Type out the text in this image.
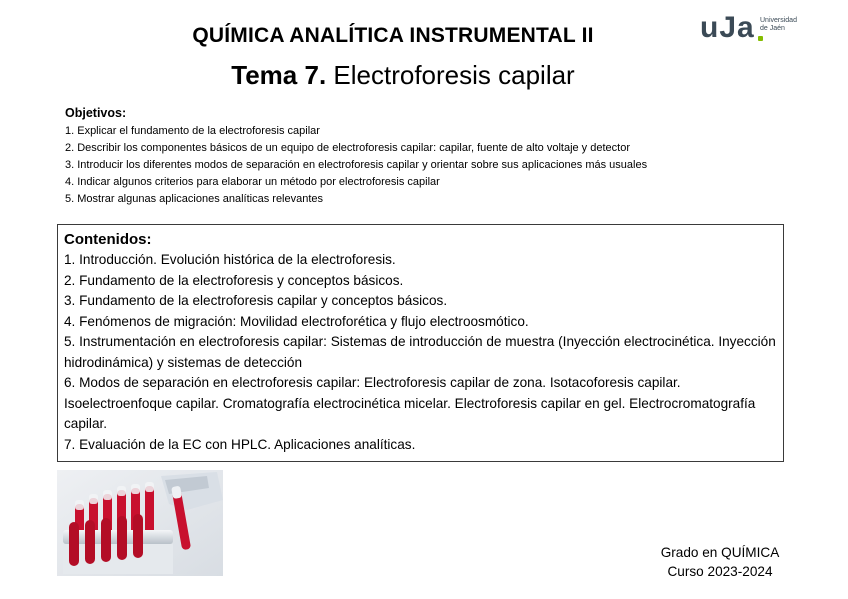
QUÍMICA ANALÍTICA INSTRUMENTAL II
Tema 7. Electroforesis capilar
uJa Universidad
de Jaén
Objetivos:
1. Explicar el fundamento de la electroforesis capilar
2. Describir los componentes básicos de un equipo de electroforesis capilar: capilar, fuente de alto voltaje y detector
3. Introducir los diferentes modos de separación en electroforesis capilar y orientar sobre sus aplicaciones más usuales
4. Indicar algunos criterios para elaborar un método por electroforesis capilar
5. Mostrar algunas aplicaciones analíticas relevantes
Contenidos:
1. Introducción. Evolución histórica de la electroforesis.
2. Fundamento de la electroforesis y conceptos básicos.
3. Fundamento de la electroforesis capilar y conceptos básicos.
4. Fenómenos de migración: Movilidad electroforética y flujo electroosmótico.
5. Instrumentación en electroforesis capilar: Sistemas de introducción de muestra (Inyección electrocinética. Inyección hidrodinámica) y sistemas de detección
6. Modos de separación en electroforesis capilar: Electroforesis capilar de zona. Isotacoforesis capilar. Isoelectroenfoque capilar. Cromatografía electrocinética micelar. Electroforesis capilar en gel. Electrocromatografía capilar.
7. Evaluación de la EC con HPLC. Aplicaciones analíticas.
Grado en QUÍMICA
Curso 2023-2024
